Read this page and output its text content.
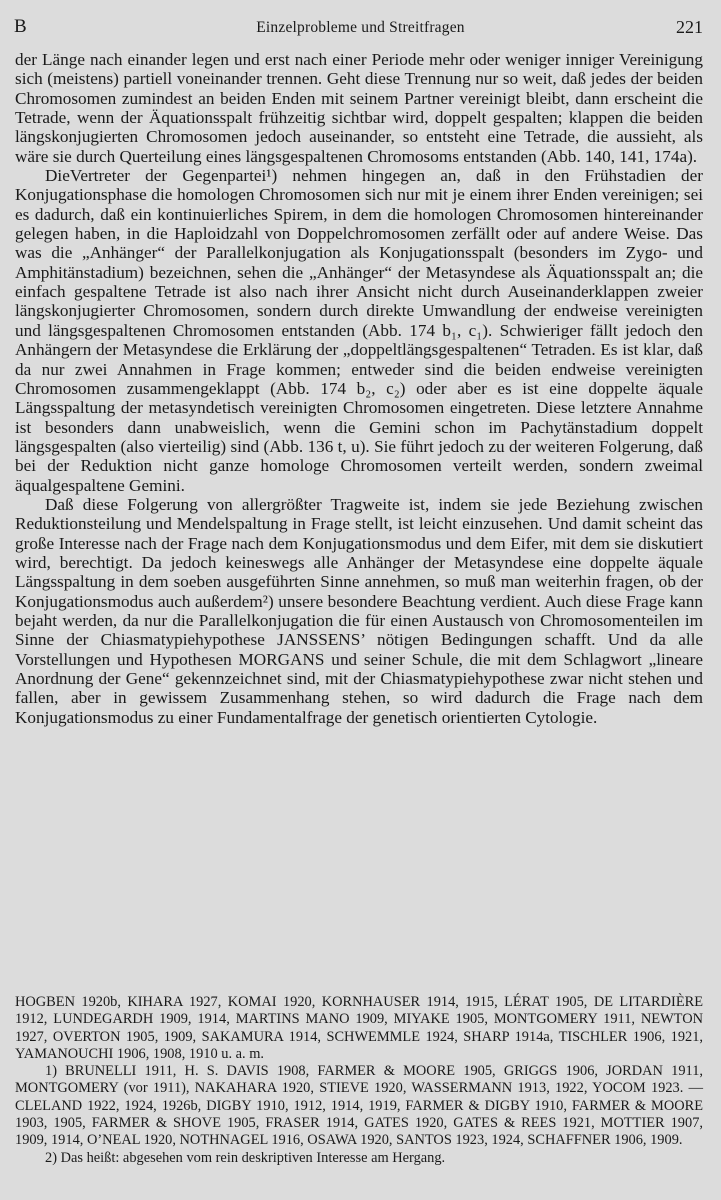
B	Einzelprobleme und Streitfragen	221

der Länge nach einander legen und erst nach einer Periode mehr oder weniger inniger Vereinigung sich (meistens) partiell voneinander trennen. Geht diese Trennung nur so weit, daß jedes der beiden Chromosomen zumindest an beiden Enden mit seinem Partner vereinigt bleibt, dann erscheint die Tetrade, wenn der Äquationsspalt frühzeitig sichtbar wird, doppelt gespalten; klappen die beiden längskonjugierten Chromosomen jedoch auseinander, so entsteht eine Tetrade, die aussieht, als wäre sie durch Querteilung eines längsgespaltenen Chromosoms entstanden (Abb. 140, 141, 174a).

DieVertreter der Gegenpartei¹) nehmen hingegen an, daß in den Frühstadien der Konjugationsphase die homologen Chromosomen sich nur mit je einem ihrer Enden vereinigen; sei es dadurch, daß ein kontinuierliches Spirem, in dem die homologen Chromosomen hintereinander gelegen haben, in die Haploidzahl von Doppelchromosomen zerfällt oder auf andere Weise. Das was die „Anhänger“ der Parallelkonjugation als Konjugationsspalt (besonders im Zygo- und Amphitänstadium) bezeichnen, sehen die „Anhänger“ der Metasyndese als Äquationsspalt an; die einfach gespaltene Tetrade ist also nach ihrer Ansicht nicht durch Auseinanderklappen zweier längskonjugierter Chromosomen, sondern durch direkte Umwandlung der endweise vereinigten und längsgespaltenen Chromosomen entstanden (Abb. 174 b₁, c₁). Schwieriger fällt jedoch den Anhängern der Metasyndese die Erklärung der „doppeltlängsgespaltenen“ Tetraden. Es ist klar, daß da nur zwei Annahmen in Frage kommen; entweder sind die beiden endweise vereinigten Chromosomen zusammengeklappt (Abb. 174 b₂, c₂) oder aber es ist eine doppelte äquale Längsspaltung der metasyndetisch vereinigten Chromosomen eingetreten. Diese letztere Annahme ist besonders dann unabweislich, wenn die Gemini schon im Pachytänstadium doppelt längsgespalten (also vierteilig) sind (Abb. 136 t, u). Sie führt jedoch zu der weiteren Folgerung, daß bei der Reduktion nicht ganze homologe Chromosomen verteilt werden, sondern zweimal äqualgespaltene Gemini.

Daß diese Folgerung von allergrößter Tragweite ist, indem sie jede Beziehung zwischen Reduktionsteilung und Mendelspaltung in Frage stellt, ist leicht einzusehen. Und damit scheint das große Interesse nach der Frage nach dem Konjugationsmodus und dem Eifer, mit dem sie diskutiert wird, berechtigt. Da jedoch keineswegs alle Anhänger der Metasyndese eine doppelte äquale Längsspaltung in dem soeben ausgeführten Sinne annehmen, so muß man weiterhin fragen, ob der Konjugationsmodus auch außerdem²) unsere besondere Beachtung verdient. Auch diese Frage kann bejaht werden, da nur die Parallelkonjugation die für einen Austausch von Chromosomenteilen im Sinne der Chiasmatypiehypothese JANSSENS’ nötigen Bedingungen schafft. Und da alle Vorstellungen und Hypothesen MORGANS und seiner Schule, die mit dem Schlagwort „lineare Anordnung der Gene“ gekennzeichnet sind, mit der Chiasmatypiehypothese zwar nicht stehen und fallen, aber in gewissem Zusammenhang stehen, so wird dadurch die Frage nach dem Konjugationsmodus zu einer Fundamentalfrage der genetisch orientierten Cytologie.

HOGBEN 1920b, KIHARA 1927, KOMAI 1920, KORNHAUSER 1914, 1915, LÉRAT 1905, DE LITARDIÈRE 1912, LUNDEGARDH 1909, 1914, MARTINS MANO 1909, MIYAKE 1905, MONTGOMERY 1911, NEWTON 1927, OVERTON 1905, 1909, SAKAMURA 1914, SCHWEMMLE 1924, SHARP 1914a, TISCHLER 1906, 1921, YAMANOUCHI 1906, 1908, 1910 u. a. m.

1) BRUNELLI 1911, H. S. DAVIS 1908, FARMER & MOORE 1905, GRIGGS 1906, JORDAN 1911, MONTGOMERY (vor 1911), NAKAHARA 1920, STIEVE 1920, WASSERMANN 1913, 1922, YOCOM 1923. — CLELAND 1922, 1924, 1926b, DIGBY 1910, 1912, 1914, 1919, FARMER & DIGBY 1910, FARMER & MOORE 1903, 1905, FARMER & SHOVE 1905, FRASER 1914, GATES 1920, GATES & REES 1921, MOTTIER 1907, 1909, 1914, O’NEAL 1920, NOTHNAGEL 1916, OSAWA 1920, SANTOS 1923, 1924, SCHAFFNER 1906, 1909.

2) Das heißt: abgesehen vom rein deskriptiven Interesse am Hergang.
